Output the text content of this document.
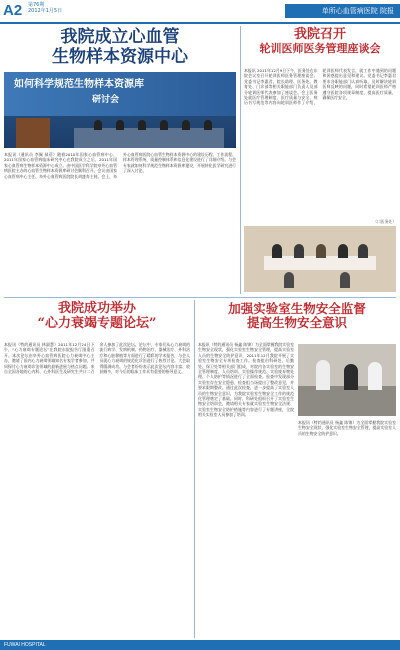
A2 第76期
2012年1月5日	单所心血管病医院 院报
我院成立心血管
生物样本资源中心
如何科学规范生物样本资源库
研讨会
本报讯（通讯员 李佩 郝蓓）随着2010年国家心血管病中心、2011年国家心血管病临床研究中心在我院成立之后，2011年国家心血管病生物样本资源中心成立。由中国医学科学院阜外心血管病医院主办的心血管生物样本资源库研讨会顺利召开。会议由国家心血管病中心主任、阜外心血管病医院院长胡盛寿主持。会上，阜外心血管病医院心血管生物样本资源中心的建设历程、工作流程、样本管理系统、质量控制体系和信息化建设进行了详细介绍。与会专家就如何科学规范生物样本资源库建设，开展转化医学研究进行了深入讨论。
我院召开
轮训医师医务管理座谈会
本报讯 2011年12月9日下午，医务处在东院会议室召开轮训医师医务管理座谈会。党委书记李惠君、院长助理、医务处、教育处、门诊部等相关职能部门负责人及部分轮训医师代表参加了座谈会。会上医务处就医疗管理制度、医疗质量与安全、病历书写规范等内容向轮训医师作了介绍，轮训医师代表发言，就工作中遇到的问题和困惑提出意见和建议。党委书记李惠君要求各职能部门认真听取、及时解决轮训医师反映的问题，同时希望轮训医师严格遵守医院各项规章制度，提高医疗质量，确保医疗安全。
（口医务处）
我院成功举办
“心力衰竭专题论坛”
本报讯（特约通讯员 林淑慧）2011年12月24日下午，“心力衰竭专题论坛”在我院东院报告厅隆重召开。本次论坛由阜外心血管病医院心力衰竭中心主办，邀请了国内心力衰竭领域知名专家学者参加，共同探讨心力衰竭诊治领域的最新进展与热点问题。来自全国各地的心内科、心外科医生及研究生共计二百余人参加了此次论坛。论坛中，专家们从心力衰竭的流行病学、发病机制、药物治疗、器械治疗、外科治疗和心脏移植等方面进行了精彩的学术报告，与会人员就心力衰竭的规范化诊治进行了热烈讨论。大会取得圆满成功。与会者纷纷表示此次论坛内容丰富、收获颇多，对今后的临床工作具有重要的指导意义。
加强实验室生物安全监督
提高生物安全意识
本报讯（特约通讯员 杨鑫 陈锦）为全面掌握我院实验室生物安全现状，强化实验室生物安全管理，提高实验室人员的生物安全防护意识，2011年12月我院开展了实验室生物安全专项检查工作。检查组由科研处、后勤处、保卫处等相关部门组成，对院内各实验室的生物安全管理制度、人员培训、实验操作规范、实验废弃物处理、个人防护等情况进行了全面检查。检查中发现部分实验室存在安全隐患，检查组当场提出了整改意见，并要求限期整改。通过此次检查，进一步提高了实验室人员的生物安全意识，为我院实验室生物安全工作的规范化管理奠定了基础。同时，科研处组织召开了实验室生物安全培训会，邀请相关专家就实验室生物安全法规、实验室生物安全防护措施等内容进行了专题讲座，全院相关实验室人员参加了培训。
本报讯（特约通讯员 杨鑫 陈锦）为全面掌握我院实验室生物安全现状，强化实验室生物安全管理，提高实验室人员的生物安全防护意识。
FUWAI HOSPITAL
